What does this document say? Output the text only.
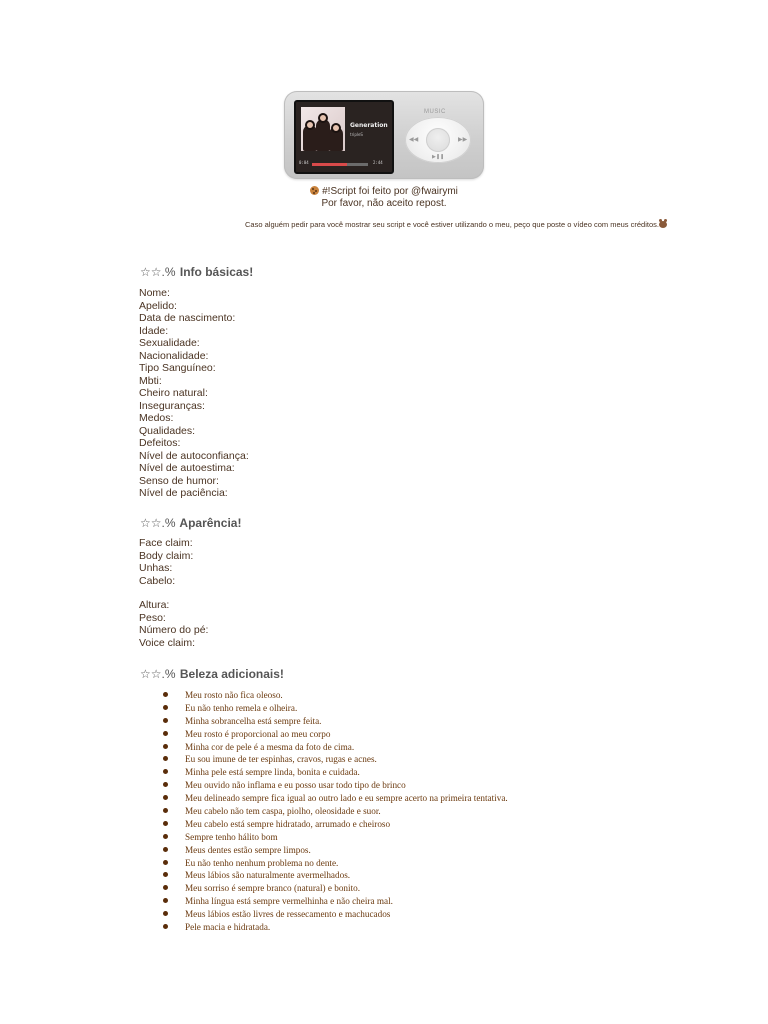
Generation
tripleS
0:04	2:44
MUSIC
◀◀	▶▶
▶❚❚
#!Script foi feito por @fwairymi
Por favor, não aceito repost.
Caso alguém pedir para você mostrar seu script e você estiver utilizando o meu, peço que poste o vídeo com meus créditos.
☆☆.% Info básicas!
Nome:
Apelido:
Data de nascimento:
Idade:
Sexualidade:
Nacionalidade:
Tipo Sanguíneo:
Mbti:
Cheiro natural:
Inseguranças:
Medos:
Qualidades:
Defeitos:
Nível de autoconfiança:
Nível de autoestima:
Senso de humor:
Nível de paciência:
☆☆.% Aparência!
Face claim:
Body claim:
Unhas:
Cabelo:
Altura:
Peso:
Número do pé:
Voice claim:
☆☆.% Beleza adicionais!
Meu rosto não fica oleoso.
Eu não tenho remela e olheira.
Minha sobrancelha está sempre feita.
Meu rosto é proporcional ao meu corpo
Minha cor de pele é a mesma da foto de cima.
Eu sou imune de ter espinhas, cravos, rugas e acnes.
Minha pele está sempre linda, bonita e cuidada.
Meu ouvido não inflama e eu posso usar todo tipo de brinco
Meu delineado sempre fica igual ao outro lado e eu sempre acerto na primeira tentativa.
Meu cabelo não tem caspa, piolho, oleosidade e suor.
Meu cabelo está sempre hidratado, arrumado e cheiroso
Sempre tenho hálito bom
Meus dentes estão sempre limpos.
Eu não tenho nenhum problema no dente.
Meus lábios são naturalmente avermelhados.
Meu sorriso é sempre branco (natural) e bonito.
Minha língua está sempre vermelhinha e não cheira mal.
Meus lábios estão livres de ressecamento e machucados
Pele macia e hidratada.
